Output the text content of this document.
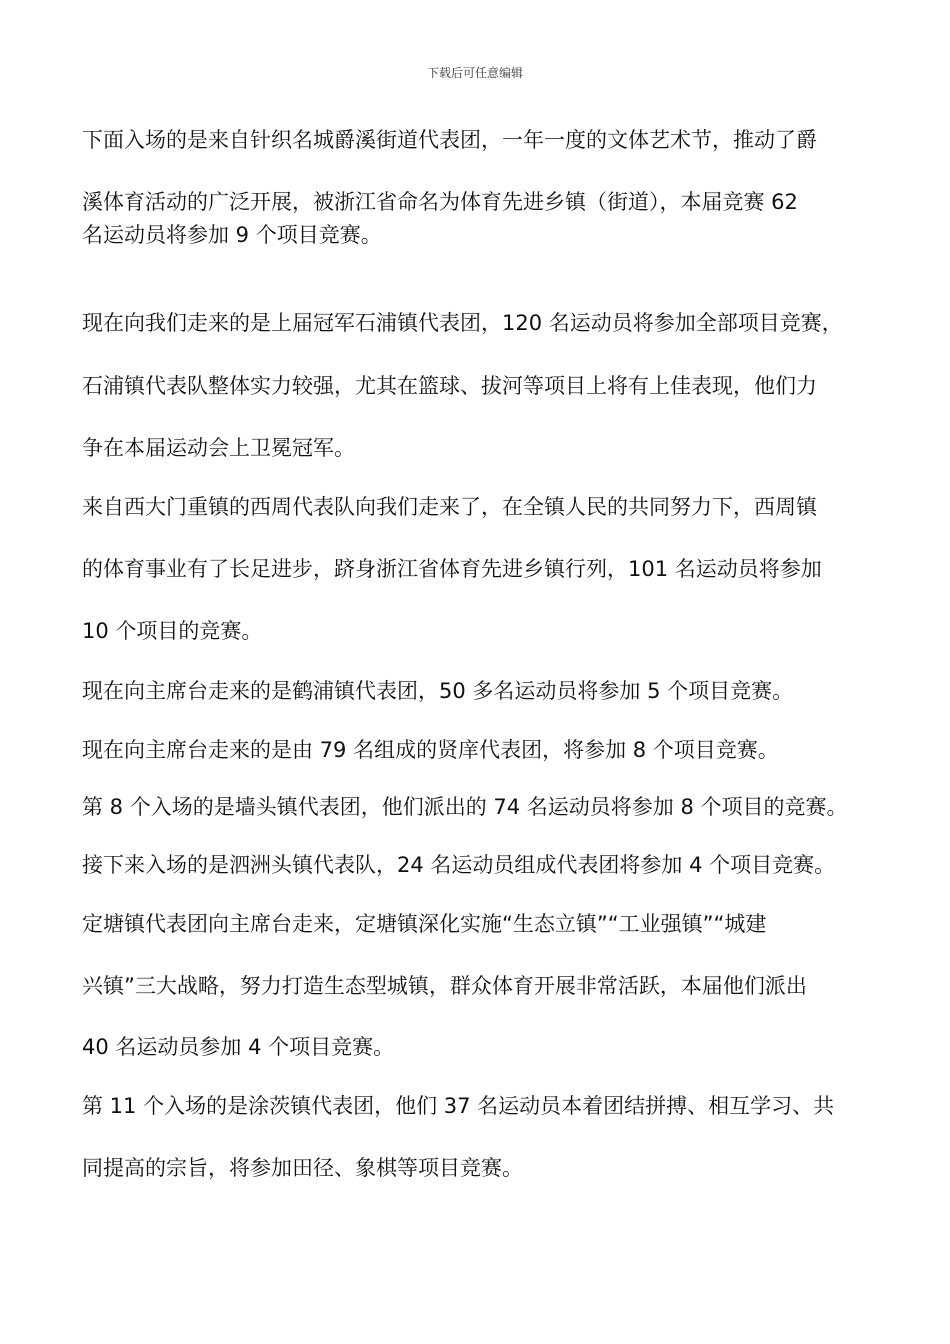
下载后可任意编辑
下面入场的是来自针织名城爵溪街道代表团，一年一度的文体艺术节，推动了爵
溪体育活动的广泛开展，被浙江省命名为体育先进乡镇（街道），本届竞赛 62
名运动员将参加 9 个项目竞赛。
现在向我们走来的是上届冠军石浦镇代表团，120 名运动员将参加全部项目竞赛，
石浦镇代表队整体实力较强，尤其在篮球、拔河等项目上将有上佳表现，他们力
争在本届运动会上卫冕冠军。
来自西大门重镇的西周代表队向我们走来了，在全镇人民的共同努力下，西周镇
的体育事业有了长足进步，跻身浙江省体育先进乡镇行列，101 名运动员将参加
10 个项目的竞赛。
现在向主席台走来的是鹤浦镇代表团，50 多名运动员将参加 5 个项目竞赛。
现在向主席台走来的是由 79 名组成的贤庠代表团，将参加 8 个项目竞赛。
第 8 个入场的是墙头镇代表团，他们派出的 74 名运动员将参加 8 个项目的竞赛。
接下来入场的是泗洲头镇代表队，24 名运动员组成代表团将参加 4 个项目竞赛。
定塘镇代表团向主席台走来，定塘镇深化实施“生态立镇”“工业强镇”“城建
兴镇”三大战略，努力打造生态型城镇，群众体育开展非常活跃，本届他们派出
40 名运动员参加 4 个项目竞赛。
第 11 个入场的是涂茨镇代表团，他们 37 名运动员本着团结拼搏、相互学习、共
同提高的宗旨，将参加田径、象棋等项目竞赛。
